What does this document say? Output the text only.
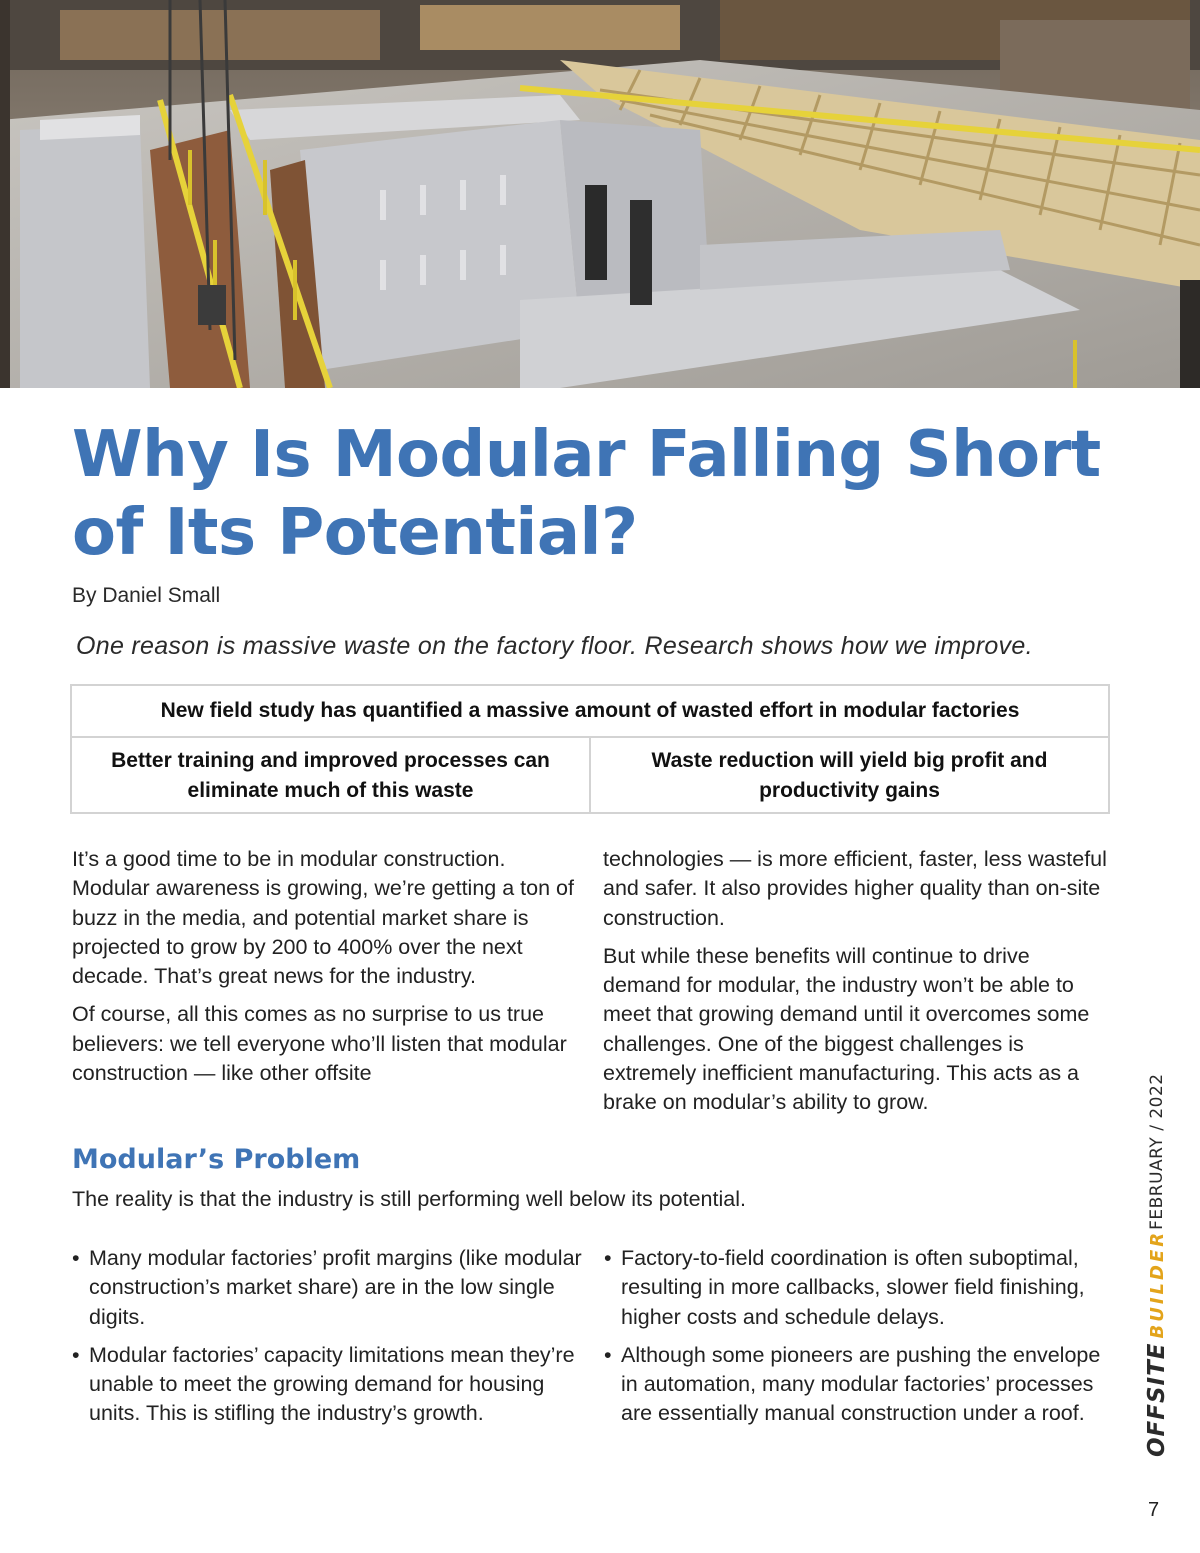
Why Is Modular Falling Short of Its Potential?
By Daniel Small
One reason is massive waste on the factory floor. Research shows how we improve.
New field study has quantified a massive amount of wasted effort in modular factories
Better training and improved processes can eliminate much of this waste
Waste reduction will yield big profit and productivity gains

It’s a good time to be in modular construction. Modular awareness is growing, we’re getting a ton of buzz in the media, and potential market share is projected to grow by 200 to 400% over the next decade. That’s great news for the industry.

Of course, all this comes as no surprise to us true believers: we tell everyone who’ll listen that modular construction — like other offsite

technologies — is more efficient, faster, less wasteful and safer. It also provides higher quality than on-site construction.

But while these benefits will continue to drive demand for modular, the industry won’t be able to meet that growing demand until it overcomes some challenges. One of the biggest challenges is extremely inefficient manufacturing. This acts as a brake on modular’s ability to grow.

Modular’s Problem

The reality is that the industry is still performing well below its potential.

• Many modular factories’ profit margins (like modular construction’s market share) are in the low single digits.
• Modular factories’ capacity limitations mean they’re unable to meet the growing demand for housing units. This is stifling the industry’s growth.
• Factory-to-field coordination is often suboptimal, resulting in more callbacks, slower field finishing, higher costs and schedule delays.
• Although some pioneers are pushing the envelope in automation, many modular factories’ processes are essentially manual construction under a roof.	OFFSITE
BUILDER
FEBRUARY / 2022
7
